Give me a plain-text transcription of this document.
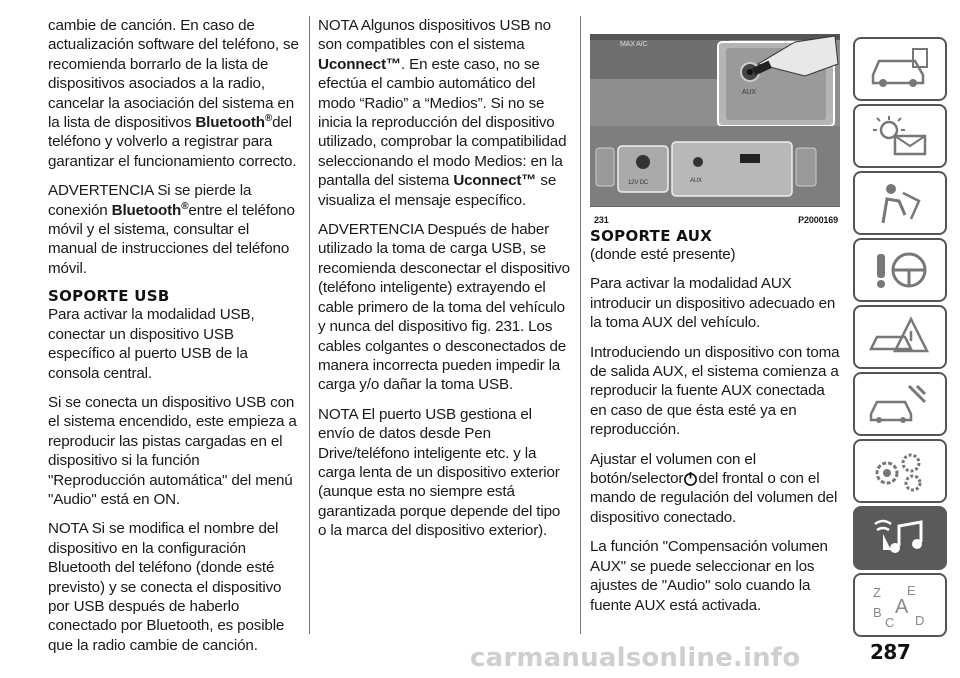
cambie de canción. En caso de actualización software del teléfono, se recomienda borrarlo de la lista de dispositivos asociados a la radio, cancelar la asociación del sistema en la lista de dispositivos Bluetooth®del teléfono y volverlo a registrar para garantizar el funcionamiento correcto.

ADVERTENCIA Si se pierde la conexión Bluetooth®entre el teléfono móvil y el sistema, consultar el manual de instrucciones del teléfono móvil.

SOPORTE USB

Para activar la modalidad USB, conectar un dispositivo USB específico al puerto USB de la consola central.

Si se conecta un dispositivo USB con el sistema encendido, este empieza a reproducir las pistas cargadas en el dispositivo si la función "Reproducción automática" del menú "Audio" está en ON.

NOTA Si se modifica el nombre del dispositivo en la configuración Bluetooth del teléfono (donde esté previsto) y se conecta el dispositivo por USB después de haberlo conectado por Bluetooth, es posible que la radio cambie de canción.

NOTA Algunos dispositivos USB no son compatibles con el sistema Uconnect™. En este caso, no se efectúa el cambio automático del modo “Radio” a “Medios”. Si no se inicia la reproducción del dispositivo utilizado, comprobar la compatibilidad seleccionando el modo Medios: en la pantalla del sistema Uconnect™ se visualiza el mensaje específico.

ADVERTENCIA Después de haber utilizado la toma de carga USB, se recomienda desconectar el dispositivo (teléfono inteligente) extrayendo el cable primero de la toma del vehículo y nunca del dispositivo fig. 231. Los cables colgantes o desconectados de manera incorrecta pueden impedir la carga y/o dañar la toma USB.

NOTA El puerto USB gestiona el envío de datos desde Pen Drive/teléfono inteligente etc. y la carga lenta de un dispositivo exterior (aunque esta no siempre está garantizada porque depende del tipo o la marca del dispositivo exterior).

MAX A/C
AUX
12V DC	AUX
231	P2000169
SOPORTE AUX

(donde esté presente)

Para activar la modalidad AUX introducir un dispositivo adecuado en la toma AUX del vehículo.

Introduciendo un dispositivo con toma de salida AUX, el sistema comienza a reproducir la fuente AUX conectada en caso de que ésta esté ya en reproducción.

Ajustar el volumen con el botón/selector del frontal o con el mando de regulación del volumen del dispositivo conectado.

La función "Compensación volumen AUX" se puede seleccionar en los ajustes de "Audio" solo cuando la fuente AUX está activada.

Z E
B A
C D
carmanualsonline.info	287
